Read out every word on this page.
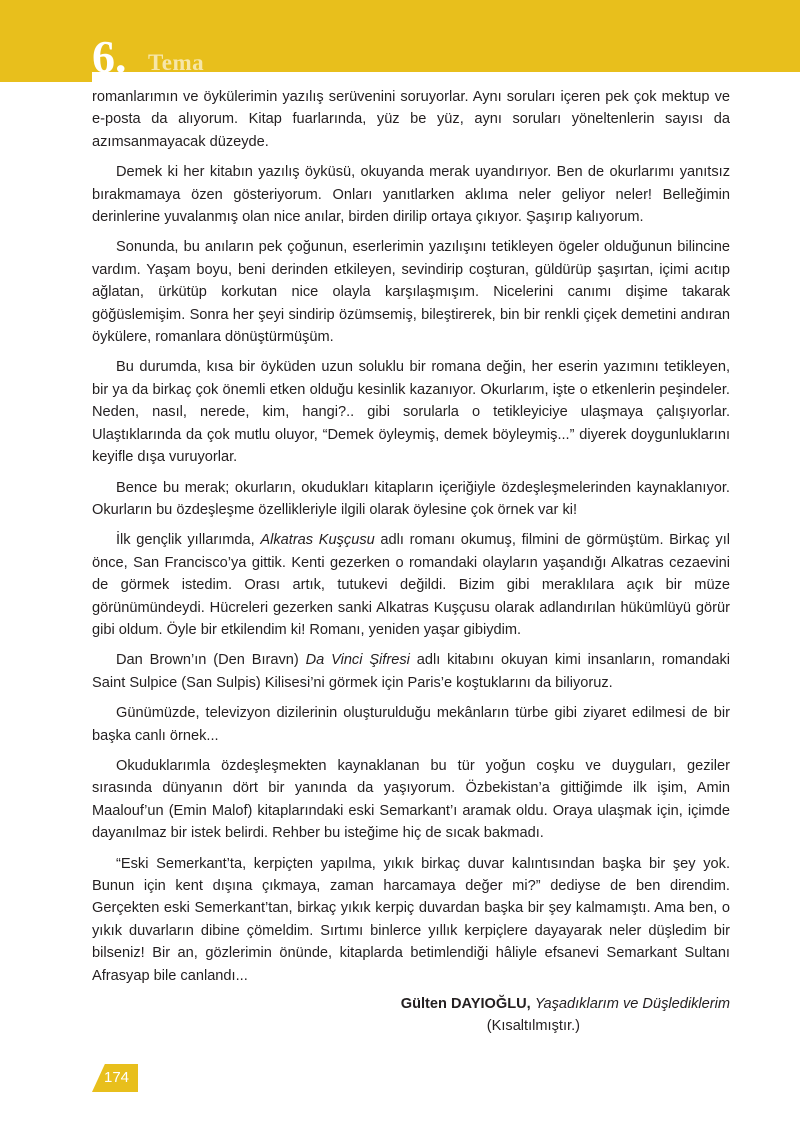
6. Tema

romanlarımın ve öykülerimin yazılış serüvenini soruyorlar. Aynı soruları içeren pek çok mektup ve e-posta da alıyorum. Kitap fuarlarında, yüz be yüz, aynı soruları yöneltenlerin sayısı da azımsanmayacak düzeyde.

Demek ki her kitabın yazılış öyküsü, okuyanda merak uyandırıyor. Ben de okurlarımı yanıtsız bırakmamaya özen gösteriyorum. Onları yanıtlarken aklıma neler geliyor neler! Belleğimin derinlerine yuvalanmış olan nice anılar, birden dirilip ortaya çıkıyor. Şaşırıp kalıyorum.

Sonunda, bu anıların pek çoğunun, eserlerimin yazılışını tetikleyen ögeler olduğunun bilincine vardım. Yaşam boyu, beni derinden etkileyen, sevindirip coşturan, güldürüp şaşırtan, içimi acıtıp ağlatan, ürkütüp korkutan nice olayla karşılaşmışım. Nicelerini canımı dişime takarak göğüslemişim. Sonra her şeyi sindirip özümsemiş, bileştirerek, bin bir renkli çiçek demetini andıran öykülere, romanlara dönüştürmüşüm.

Bu durumda, kısa bir öyküden uzun soluklu bir romana değin, her eserin yazımını tetikleyen, bir ya da birkaç çok önemli etken olduğu kesinlik kazanıyor. Okurlarım, işte o etkenlerin peşindeler. Neden, nasıl, nerede, kim, hangi?.. gibi sorularla o tetikleyiciye ulaşmaya çalışıyorlar. Ulaştıklarında da çok mutlu oluyor, “Demek öyleymiş, demek böyleymiş...” diyerek doygunluklarını keyifle dışa vuruyorlar.

Bence bu merak; okurların, okudukları kitapların içeriğiyle özdeşleşmelerinden kaynaklanıyor. Okurların bu özdeşleşme özellikleriyle ilgili olarak öylesine çok örnek var ki!

İlk gençlik yıllarımda, Alkatras Kuşçusu adlı romanı okumuş, filmini de görmüştüm. Birkaç yıl önce, San Francisco’ya gittik. Kenti gezerken o romandaki olayların yaşandığı Alkatras cezaevini de görmek istedim. Orası artık, tutukevi değildi. Bizim gibi meraklılara açık bir müze görünümündeydi. Hücreleri gezerken sanki Alkatras Kuşçusu olarak adlandırılan hükümlüyü görür gibi oldum. Öyle bir etkilendim ki! Romanı, yeniden yaşar gibiydim.

Dan Brown’ın (Den Bıravn) Da Vinci Şifresi adlı kitabını okuyan kimi insanların, romandaki Saint Sulpice (San Sulpis) Kilisesi’ni görmek için Paris’e koştuklarını da biliyoruz.

Günümüzde, televizyon dizilerinin oluşturulduğu mekânların türbe gibi ziyaret edilmesi de bir başka canlı örnek...

Okuduklarımla özdeşleşmekten kaynaklanan bu tür yoğun coşku ve duyguları, geziler sırasında dünyanın dört bir yanında da yaşıyorum. Özbekistan’a gittiğimde ilk işim, Amin Maalouf’un (Emin Malof) kitaplarındaki eski Semarkant’ı aramak oldu. Oraya ulaşmak için, içimde dayanılmaz bir istek belirdi. Rehber bu isteğime hiç de sıcak bakmadı.

“Eski Semerkant’ta, kerpiçten yapılma, yıkık birkaç duvar kalıntısından başka bir şey yok. Bunun için kent dışına çıkmaya, zaman harcamaya değer mi?” dediyse de ben direndim. Gerçekten eski Semerkant’tan, birkaç yıkık kerpiç duvardan başka bir şey kalmamıştı. Ama ben, o yıkık duvarların dibine çömeldim. Sırtımı binlerce yıllık kerpiçlere dayayarak neler düşledim bir bilseniz! Bir an, gözlerimin önünde, kitaplarda betimlendiği hâliyle efsanevi Semarkant Sultanı Afrasyap bile canlandı...

Gülten DAYIOĞLU, Yaşadıklarım ve Düşlediklerim
(Kısaltılmıştır.)
174
